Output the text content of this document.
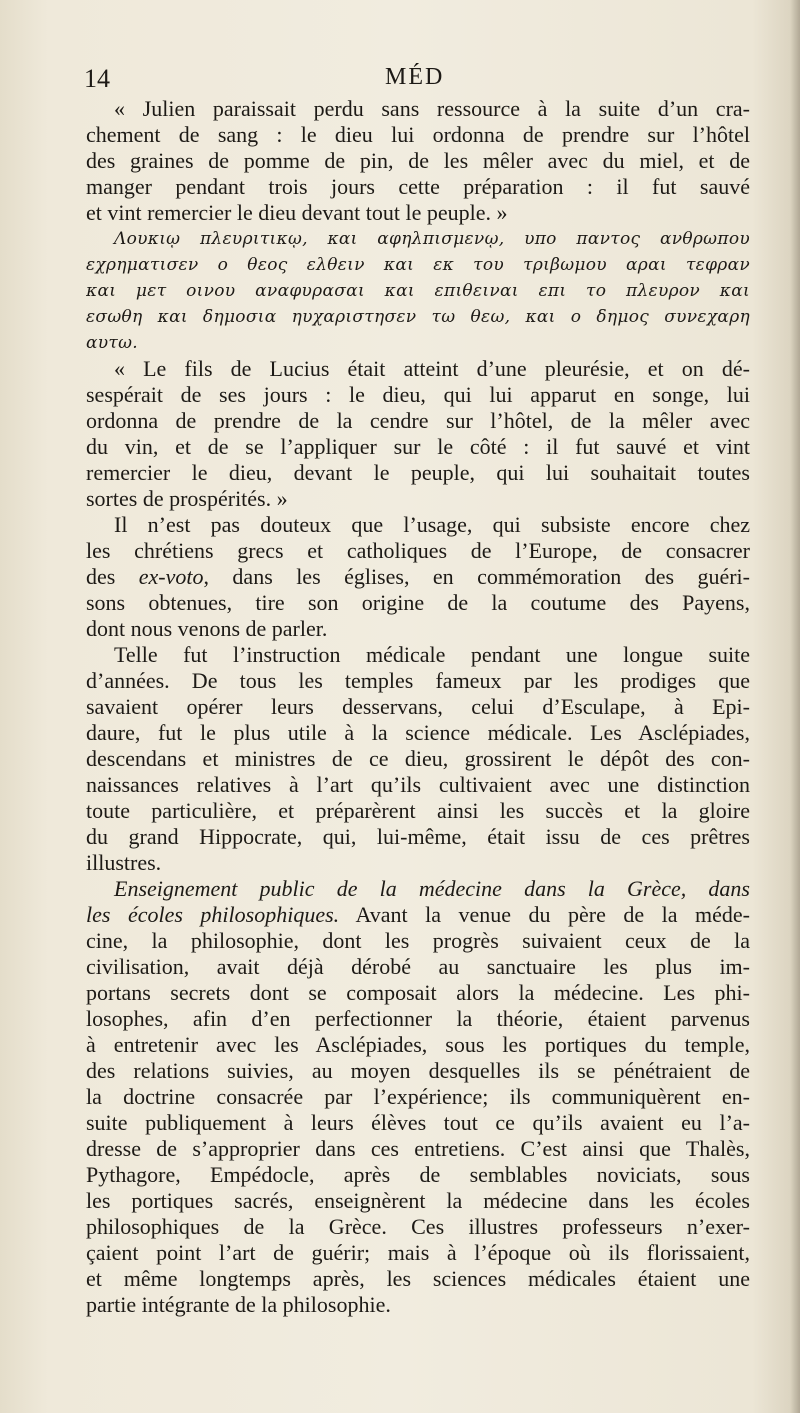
14	MÉD
« Julien paraissait perdu sans ressource à la suite d’un cra-
chement de sang : le dieu lui ordonna de prendre sur l’hôtel
des graines de pomme de pin, de les mêler avec du miel, et de
manger pendant trois jours cette préparation : il fut sauvé
et vint remercier le dieu devant tout le peuple. »
Λουκιῳ πλευριτικῳ, και αφηλπισμενῳ, υπο παντος ανθρωπου
εχρηματισεν ο θεος ελθειν και εκ του τριβωμου αραι τεφραν
και μετ οινου αναφυρασαι και επιθειναι επι το πλευρον και
εσωθη και δημοσια ηυχαριστησεν τω θεω, και ο δημος συνεχαρη
αυτω.
« Le fils de Lucius était atteint d’une pleurésie, et on dé-
sespérait de ses jours : le dieu, qui lui apparut en songe, lui
ordonna de prendre de la cendre sur l’hôtel, de la mêler avec
du vin, et de se l’appliquer sur le côté : il fut sauvé et vint
remercier le dieu, devant le peuple, qui lui souhaitait toutes
sortes de prospérités. »
Il n’est pas douteux que l’usage, qui subsiste encore chez
les chrétiens grecs et catholiques de l’Europe, de consacrer
des ex-voto, dans les églises, en commémoration des guéri-
sons obtenues, tire son origine de la coutume des Payens,
dont nous venons de parler.
Telle fut l’instruction médicale pendant une longue suite
d’années. De tous les temples fameux par les prodiges que
savaient opérer leurs desservans, celui d’Esculape, à Epi-
daure, fut le plus utile à la science médicale. Les Asclépiades,
descendans et ministres de ce dieu, grossirent le dépôt des con-
naissances relatives à l’art qu’ils cultivaient avec une distinction
toute particulière, et préparèrent ainsi les succès et la gloire
du grand Hippocrate, qui, lui-même, était issu de ces prêtres
illustres.
Enseignement public de la médecine dans la Grèce, dans
les écoles philosophiques. Avant la venue du père de la méde-
cine, la philosophie, dont les progrès suivaient ceux de la
civilisation, avait déjà dérobé au sanctuaire les plus im-
portans secrets dont se composait alors la médecine. Les phi-
losophes, afin d’en perfectionner la théorie, étaient parvenus
à entretenir avec les Asclépiades, sous les portiques du temple,
des relations suivies, au moyen desquelles ils se pénétraient de
la doctrine consacrée par l’expérience; ils communiquèrent en-
suite publiquement à leurs élèves tout ce qu’ils avaient eu l’a-
dresse de s’approprier dans ces entretiens. C’est ainsi que Thalès,
Pythagore, Empédocle, après de semblables noviciats, sous
les portiques sacrés, enseignèrent la médecine dans les écoles
philosophiques de la Grèce. Ces illustres professeurs n’exer-
çaient point l’art de guérir; mais à l’époque où ils florissaient,
et même longtemps après, les sciences médicales étaient une
partie intégrante de la philosophie.
